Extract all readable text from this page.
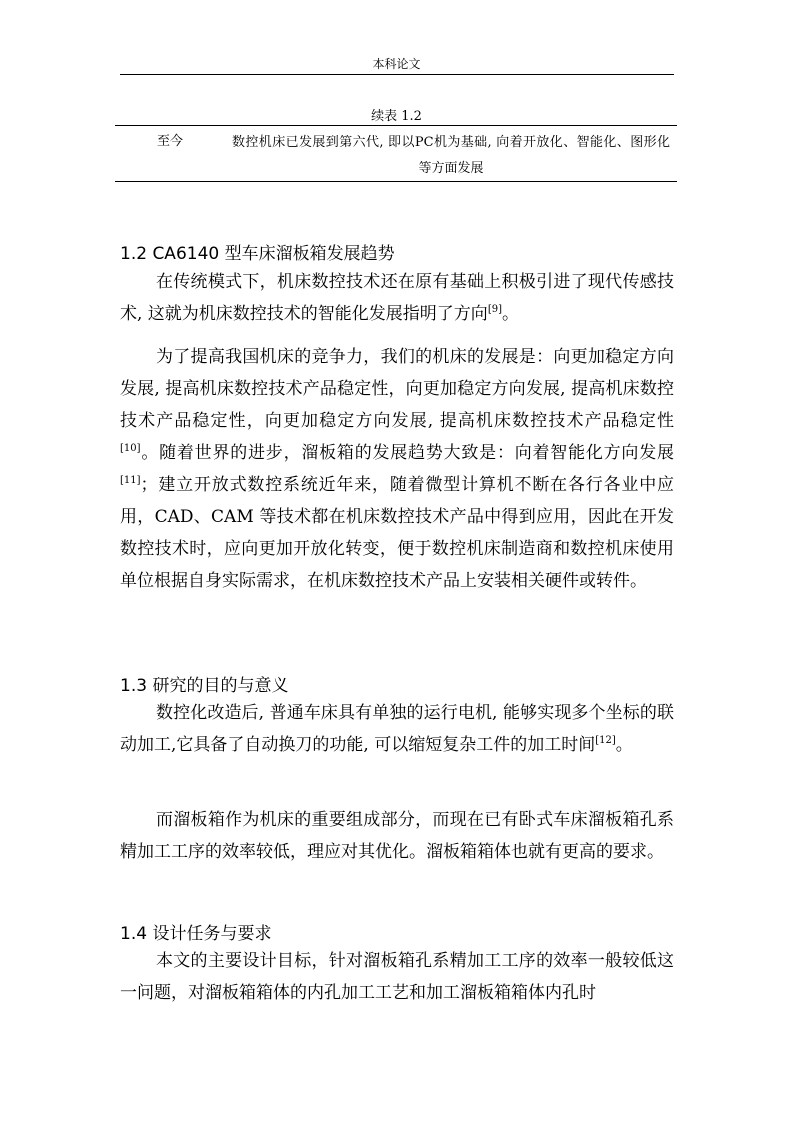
本科论文
续表 1.2
至今	数控机床已发展到第六代, 即以PC机为基础, 向着开放化、智能化、图形化等方面发展
1.2 CA6140 型车床溜板箱发展趋势

在传统模式下，机床数控技术还在原有基础上积极引进了现代传感技术, 这就为机床数控技术的智能化发展指明了方向[9]。

为了提高我国机床的竞争力，我们的机床的发展是：向更加稳定方向发展, 提高机床数控技术产品稳定性，向更加稳定方向发展, 提高机床数控技术产品稳定性，向更加稳定方向发展, 提高机床数控技术产品稳定性[10]。随着世界的进步，溜板箱的发展趋势大致是：向着智能化方向发展[11]；建立开放式数控系统近年来，随着微型计算机不断在各行各业中应用，CAD、CAM 等技术都在机床数控技术产品中得到应用，因此在开发数控技术时，应向更加开放化转变，便于数控机床制造商和数控机床使用单位根据自身实际需求，在机床数控技术产品上安装相关硬件或转件。

1.3 研究的目的与意义

数控化改造后, 普通车床具有单独的运行电机, 能够实现多个坐标的联动加工,它具备了自动换刀的功能, 可以缩短复杂工件的加工时间[12]。

而溜板箱作为机床的重要组成部分，而现在已有卧式车床溜板箱孔系精加工工序的效率较低，理应对其优化。溜板箱箱体也就有更高的要求。

1.4 设计任务与要求

本文的主要设计目标，针对溜板箱孔系精加工工序的效率一般较低这一问题，对溜板箱箱体的内孔加工工艺和加工溜板箱箱体内孔时
